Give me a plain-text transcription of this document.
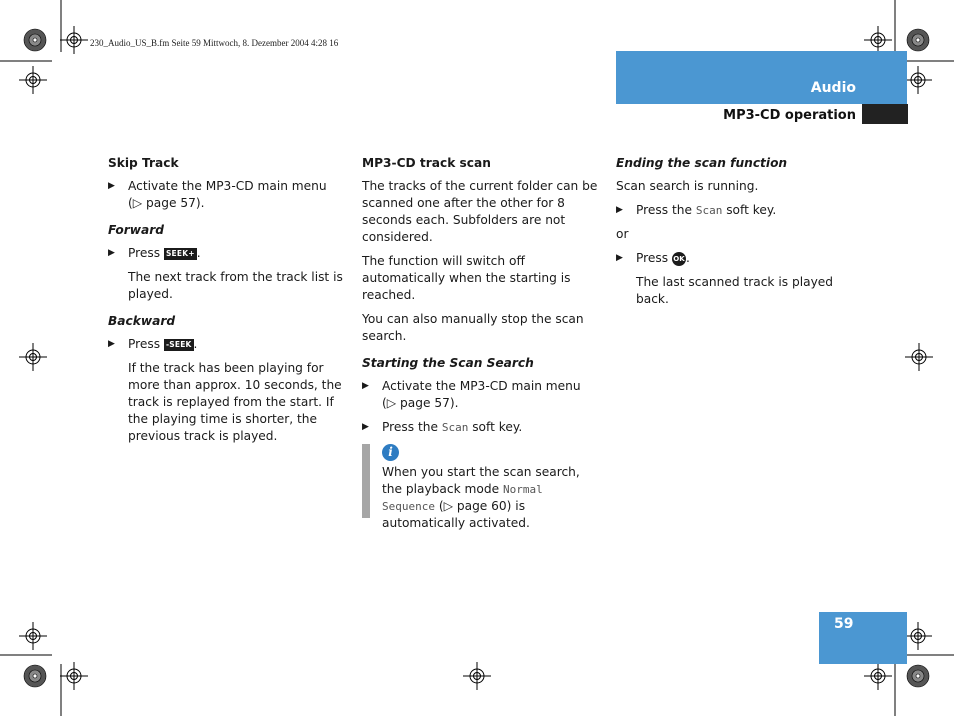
230_Audio_US_B.fm Seite 59 Mittwoch, 8. Dezember 2004 4:28 16
Audio
MP3-CD operation
59

Skip Track

▶ Activate the MP3-CD main menu

(▷ page 57).

Forward

▶ Press SEEK+ .

The next track from the track list is played.

Backward

▶ Press -SEEK .

If the track has been playing for more than approx. 10 seconds, the track is replayed from the start. If the playing time is shorter, the previous track is played.

MP3-CD track scan

The tracks of the current folder can be scanned one after the other for 8 seconds each. Subfolders are not considered.

The function will switch off automatically when the starting is reached.

You can also manually stop the scan search.

Starting the Scan Search

▶ Activate the MP3-CD main menu

(▷ page 57).

▶ Press the Scan soft key.

i
When you start the scan search, the playback mode Normal Sequence (▷ page 60) is automatically activated.

Ending the scan function

Scan search is running.

▶ Press the Scan soft key.

or

▶ Press OK.

The last scanned track is played back.
